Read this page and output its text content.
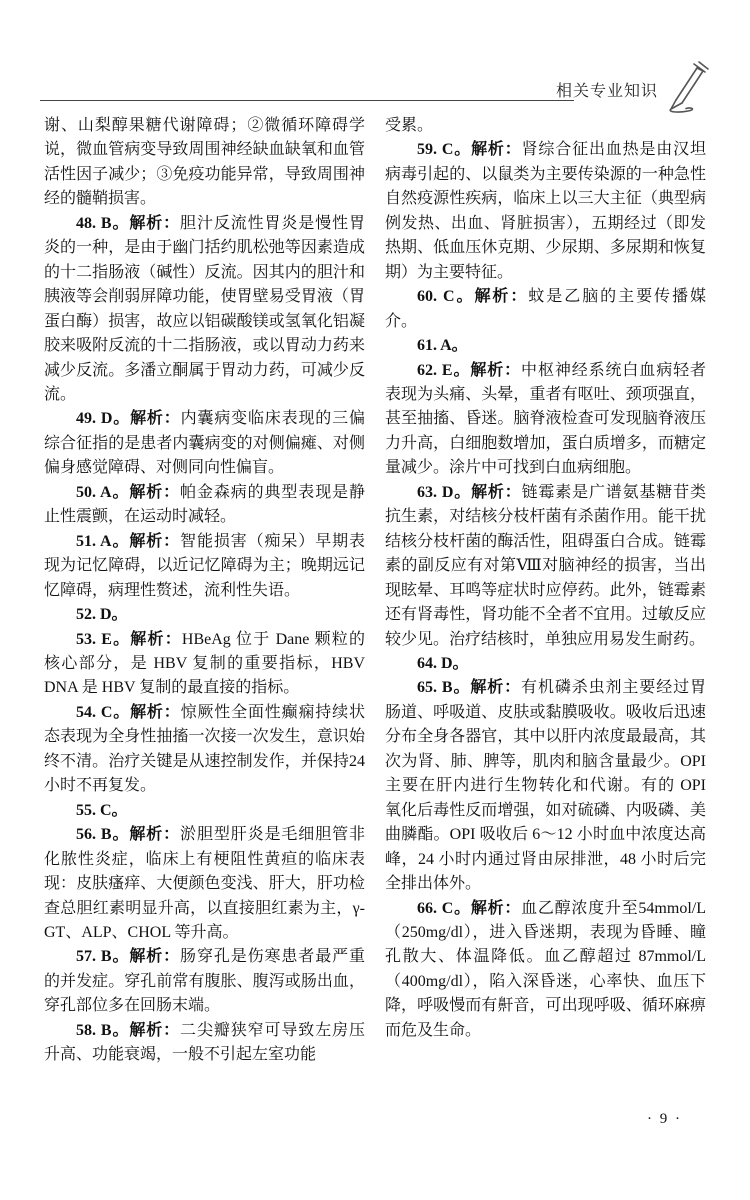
相关专业知识

谢、山梨醇果糖代谢障碍；②微循环障碍学说，微血管病变导致周围神经缺血缺氧和血管活性因子减少；③免疫功能异常，导致周围神经的髓鞘损害。

48. B。解析：胆汁反流性胃炎是慢性胃炎的一种，是由于幽门括约肌松弛等因素造成的十二指肠液（碱性）反流。因其内的胆汁和胰液等会削弱屏障功能，使胃壁易受胃液（胃蛋白酶）损害，故应以铝碳酸镁或氢氧化铝凝胶来吸附反流的十二指肠液，或以胃动力药来减少反流。多潘立酮属于胃动力药，可减少反流。

49. D。解析：内囊病变临床表现的三偏综合征指的是患者内囊病变的对侧偏瘫、对侧偏身感觉障碍、对侧同向性偏盲。

50. A。解析：帕金森病的典型表现是静止性震颤，在运动时减轻。

51. A。解析：智能损害（痴呆）早期表现为记忆障碍，以近记忆障碍为主；晚期远记忆障碍，病理性赘述，流利性失语。

52. D。

53. E。解析：HBeAg 位于 Dane 颗粒的核心部分，是 HBV 复制的重要指标，HBV DNA 是 HBV 复制的最直接的指标。

54. C。解析：惊厥性全面性癫痫持续状态表现为全身性抽搐一次接一次发生，意识始终不清。治疗关键是从速控制发作，并保持24 小时不再复发。

55. C。

56. B。解析：淤胆型肝炎是毛细胆管非化脓性炎症，临床上有梗阻性黄疸的临床表现：皮肤瘙痒、大便颜色变浅、肝大，肝功检查总胆红素明显升高，以直接胆红素为主，γ-GT、ALP、CHOL 等升高。

57. B。解析：肠穿孔是伤寒患者最严重的并发症。穿孔前常有腹胀、腹泻或肠出血，穿孔部位多在回肠末端。

58. B。解析：二尖瓣狭窄可导致左房压升高、功能衰竭，一般不引起左室功能

受累。

59. C。解析：肾综合征出血热是由汉坦病毒引起的、以鼠类为主要传染源的一种急性自然疫源性疾病，临床上以三大主征（典型病例发热、出血、肾脏损害），五期经过（即发热期、低血压休克期、少尿期、多尿期和恢复期）为主要特征。

60. C。解析：蚊是乙脑的主要传播媒介。

61. A。

62. E。解析：中枢神经系统白血病轻者表现为头痛、头晕，重者有呕吐、颈项强直，甚至抽搐、昏迷。脑脊液检查可发现脑脊液压力升高，白细胞数增加，蛋白质增多，而糖定量减少。涂片中可找到白血病细胞。

63. D。解析：链霉素是广谱氨基糖苷类抗生素，对结核分枝杆菌有杀菌作用。能干扰结核分枝杆菌的酶活性，阻碍蛋白合成。链霉素的副反应有对第Ⅷ对脑神经的损害，当出现眩晕、耳鸣等症状时应停药。此外，链霉素还有肾毒性，肾功能不全者不宜用。过敏反应较少见。治疗结核时，单独应用易发生耐药。

64. D。

65. B。解析：有机磷杀虫剂主要经过胃肠道、呼吸道、皮肤或黏膜吸收。吸收后迅速分布全身各器官，其中以肝内浓度最最高，其次为肾、肺、脾等，肌肉和脑含量最少。OPI 主要在肝内进行生物转化和代谢。有的 OPI 氧化后毒性反而增强，如对硫磷、内吸磷、美曲膦酯。OPI 吸收后 6～12 小时血中浓度达高峰，24 小时内通过肾由尿排泄，48 小时后完全排出体外。

66. C。解析：血乙醇浓度升至54mmol/L（250mg/dl），进入昏迷期，表现为昏睡、瞳孔散大、体温降低。血乙醇超过 87mmol/L（400mg/dl），陷入深昏迷，心率快、血压下降，呼吸慢而有鼾音，可出现呼吸、循环麻痹而危及生命。

· 9 ·
